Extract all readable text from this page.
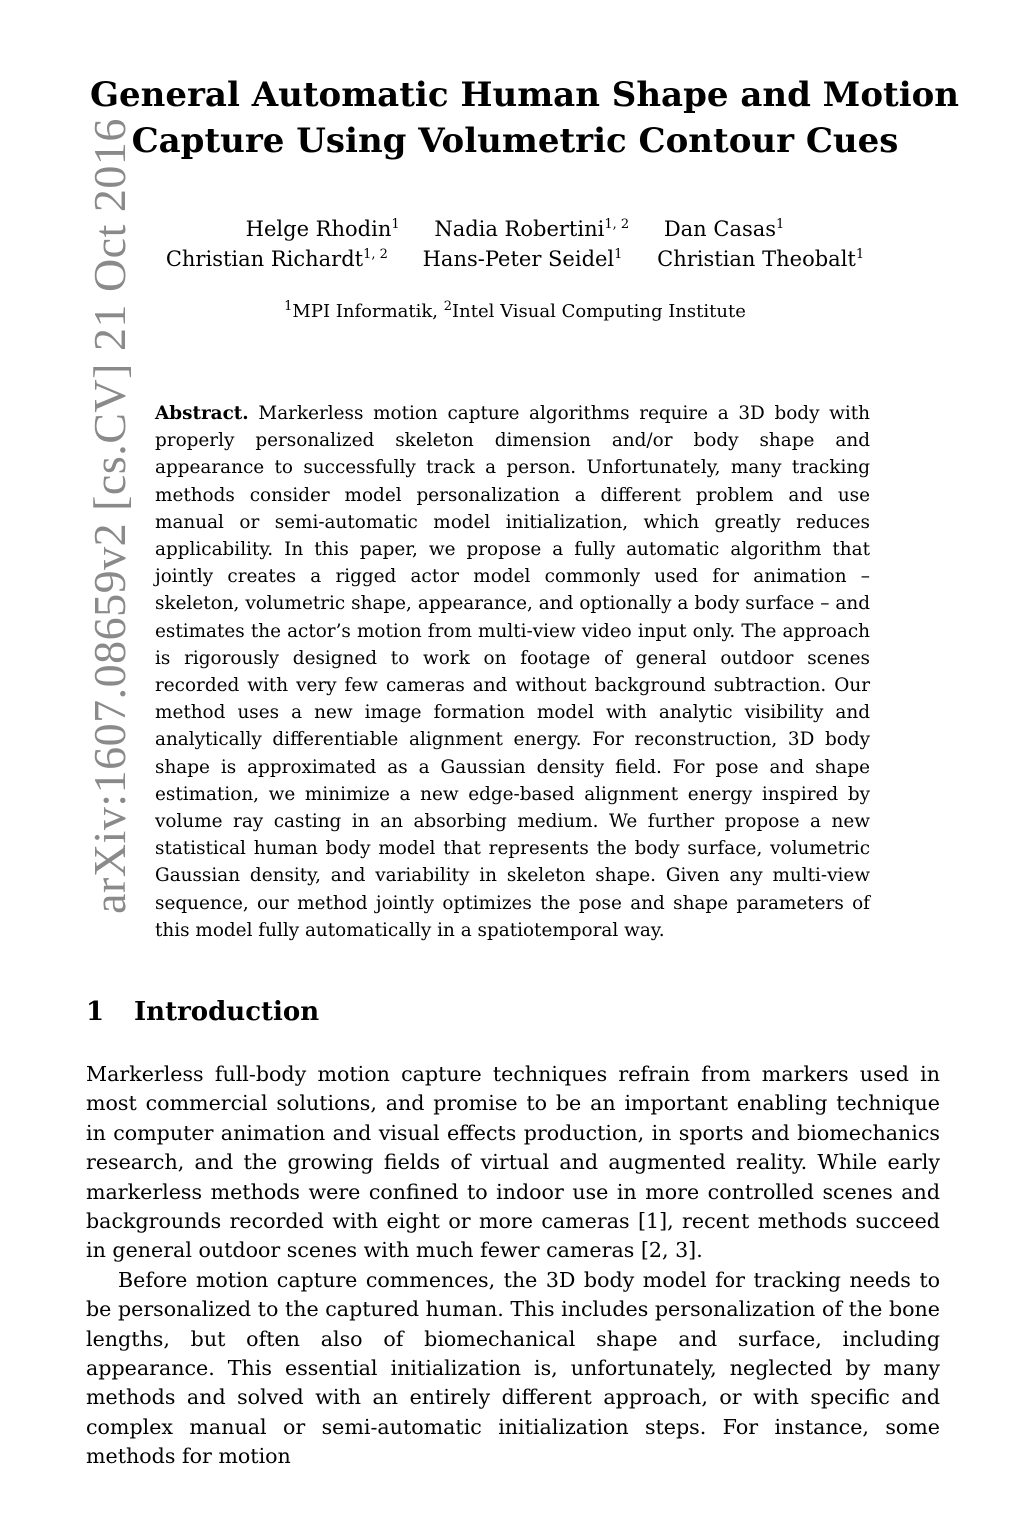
arXiv:1607.08659v2 [cs.CV] 21 Oct 2016
General Automatic Human Shape and Motion
Capture Using Volumetric Contour Cues
Helge Rhodin$^1$ Nadia Robertini$^{1, 2}$ Dan Casas$^1$
Christian Richardt$^{1, 2}$ Hans-Peter Seidel$^1$ Christian Theobalt$^1$
$^1$MPI Informatik, $^2$Intel Visual Computing Institute
Abstract. Markerless motion capture algorithms require a 3D body with properly personalized skeleton dimension and/or body shape and appearance to successfully track a person. Unfortunately, many tracking methods consider model personalization a different problem and use manual or semi-automatic model initialization, which greatly reduces applicability. In this paper, we propose a fully automatic algorithm that jointly creates a rigged actor model commonly used for animation – skeleton, volumetric shape, appearance, and optionally a body surface – and estimates the actor’s motion from multi-view video input only. The approach is rigorously designed to work on footage of general outdoor scenes recorded with very few cameras and without background subtraction. Our method uses a new image formation model with analytic visibility and analytically differentiable alignment energy. For reconstruction, 3D body shape is approximated as a Gaussian density field. For pose and shape estimation, we minimize a new edge-based alignment energy inspired by volume ray casting in an absorbing medium. We further propose a new statistical human body model that represents the body surface, volumetric Gaussian density, and variability in skeleton shape. Given any multi-view sequence, our method jointly optimizes the pose and shape parameters of this model fully automatically in a spatiotemporal way.
1 Introduction

Markerless full-body motion capture techniques refrain from markers used in most commercial solutions, and promise to be an important enabling technique in computer animation and visual effects production, in sports and biomechanics research, and the growing fields of virtual and augmented reality. While early markerless methods were confined to indoor use in more controlled scenes and backgrounds recorded with eight or more cameras [1], recent methods succeed in general outdoor scenes with much fewer cameras [2, 3].

Before motion capture commences, the 3D body model for tracking needs to be personalized to the captured human. This includes personalization of the bone lengths, but often also of biomechanical shape and surface, including appearance. This essential initialization is, unfortunately, neglected by many methods and solved with an entirely different approach, or with specific and complex manual or semi-automatic initialization steps. For instance, some methods for motion
